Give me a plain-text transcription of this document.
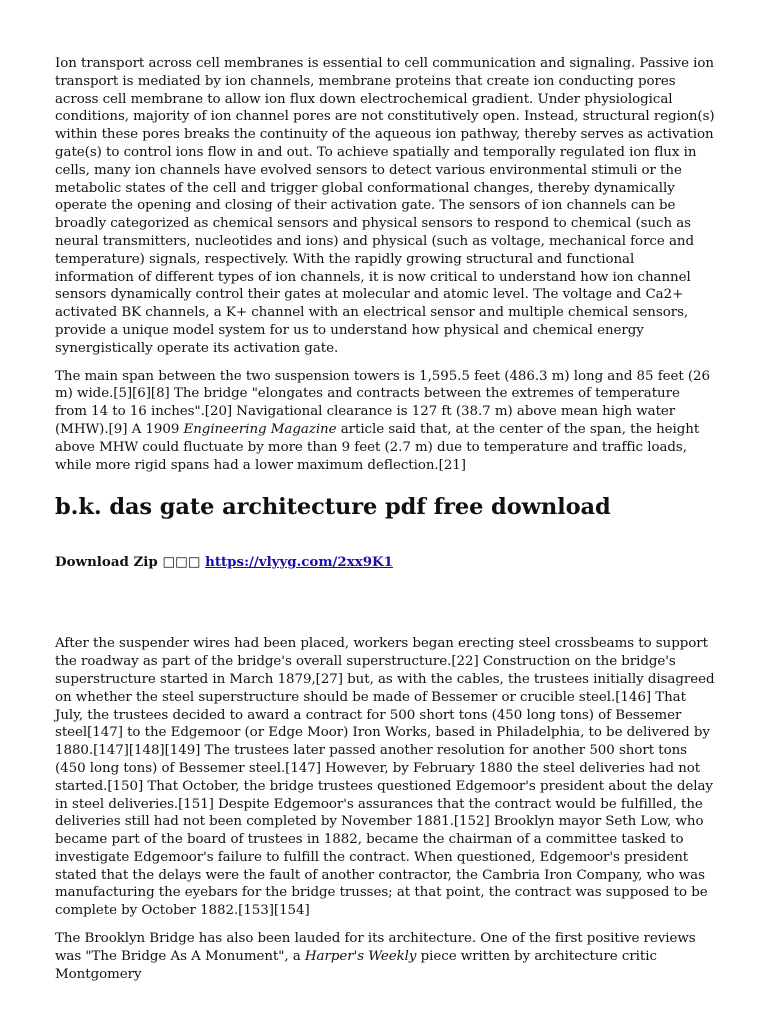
Ion transport across cell membranes is essential to cell communication and signaling. Passive ion transport is mediated by ion channels, membrane proteins that create ion conducting pores across cell membrane to allow ion flux down electrochemical gradient. Under physiological conditions, majority of ion channel pores are not constitutively open. Instead, structural region(s) within these pores breaks the continuity of the aqueous ion pathway, thereby serves as activation gate(s) to control ions flow in and out. To achieve spatially and temporally regulated ion flux in cells, many ion channels have evolved sensors to detect various environmental stimuli or the metabolic states of the cell and trigger global conformational changes, thereby dynamically operate the opening and closing of their activation gate. The sensors of ion channels can be broadly categorized as chemical sensors and physical sensors to respond to chemical (such as neural transmitters, nucleotides and ions) and physical (such as voltage, mechanical force and temperature) signals, respectively. With the rapidly growing structural and functional information of different types of ion channels, it is now critical to understand how ion channel sensors dynamically control their gates at molecular and atomic level. The voltage and Ca2+ activated BK channels, a K+ channel with an electrical sensor and multiple chemical sensors, provide a unique model system for us to understand how physical and chemical energy synergistically operate its activation gate.

The main span between the two suspension towers is 1,595.5 feet (486.3 m) long and 85 feet (26 m) wide.[5][6][8] The bridge "elongates and contracts between the extremes of temperature from 14 to 16 inches".[20] Navigational clearance is 127 ft (38.7 m) above mean high water (MHW).[9] A 1909 Engineering Magazine article said that, at the center of the span, the height above MHW could fluctuate by more than 9 feet (2.7 m) due to temperature and traffic loads, while more rigid spans had a lower maximum deflection.[21]

b.k. das gate architecture pdf free download
Download Zip □□□ https://vlyyg.com/2xx9K1

After the suspender wires had been placed, workers began erecting steel crossbeams to support the roadway as part of the bridge's overall superstructure.[22] Construction on the bridge's superstructure started in March 1879,[27] but, as with the cables, the trustees initially disagreed on whether the steel superstructure should be made of Bessemer or crucible steel.[146] That July, the trustees decided to award a contract for 500 short tons (450 long tons) of Bessemer steel[147] to the Edgemoor (or Edge Moor) Iron Works, based in Philadelphia, to be delivered by 1880.[147][148][149] The trustees later passed another resolution for another 500 short tons (450 long tons) of Bessemer steel.[147] However, by February 1880 the steel deliveries had not started.[150] That October, the bridge trustees questioned Edgemoor's president about the delay in steel deliveries.[151] Despite Edgemoor's assurances that the contract would be fulfilled, the deliveries still had not been completed by November 1881.[152] Brooklyn mayor Seth Low, who became part of the board of trustees in 1882, became the chairman of a committee tasked to investigate Edgemoor's failure to fulfill the contract. When questioned, Edgemoor's president stated that the delays were the fault of another contractor, the Cambria Iron Company, who was manufacturing the eyebars for the bridge trusses; at that point, the contract was supposed to be complete by October 1882.[153][154]

The Brooklyn Bridge has also been lauded for its architecture. One of the first positive reviews was "The Bridge As A Monument", a Harper's Weekly piece written by architecture critic Montgomery
